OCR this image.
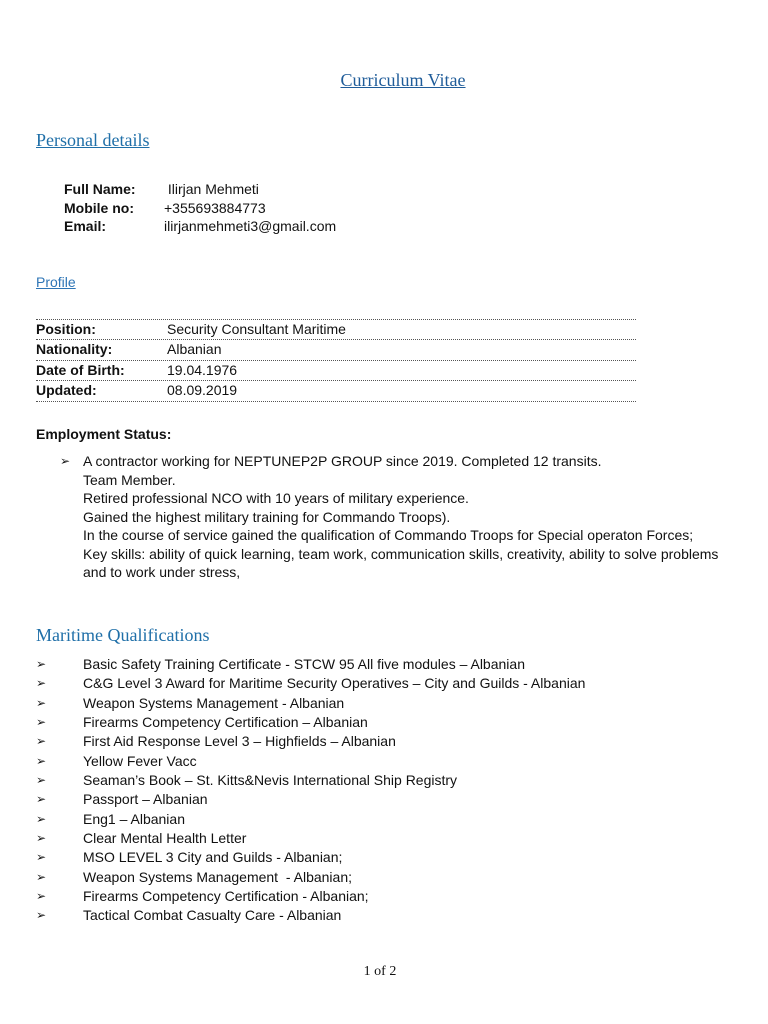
Curriculum Vitae
Personal details
Full Name:	Ilirjan Mehmeti
Mobile no:	+355693884773
Email:	ilirjanmehmeti3@gmail.com
Profile
Position:	Security Consultant Maritime
Nationality:	Albanian
Date of Birth:	19.04.1976
Updated:	08.09.2019
Employment Status:
➢ A contractor working for NEPTUNEP2P GROUP since 2019. Completed 12 transits.
Team Member.
Retired professional NCO with 10 years of military experience.
Gained the highest military training for Commando Troops).
In the course of service gained the qualification of Commando Troops for Special operaton Forces;
Key skills: ability of quick learning, team work, communication skills, creativity, ability to solve problems and to work under stress,
Maritime Qualifications
➢	Basic Safety Training Certificate - STCW 95 All five modules – Albanian
➢	C&G Level 3 Award for Maritime Security Operatives – City and Guilds - Albanian
➢	Weapon Systems Management - Albanian
➢	Firearms Competency Certification – Albanian
➢	First Aid Response Level 3 – Highfields – Albanian
➢	Yellow Fever Vacc
➢	Seaman’s Book – St. Kitts&Nevis International Ship Registry
➢	Passport – Albanian
➢	Eng1 – Albanian
➢	Clear Mental Health Letter
➢	MSO LEVEL 3 City and Guilds - Albanian;
➢	Weapon Systems Management  - Albanian;
➢	Firearms Competency Certification - Albanian;
➢	Tactical Combat Casualty Care - Albanian
1 of 2
